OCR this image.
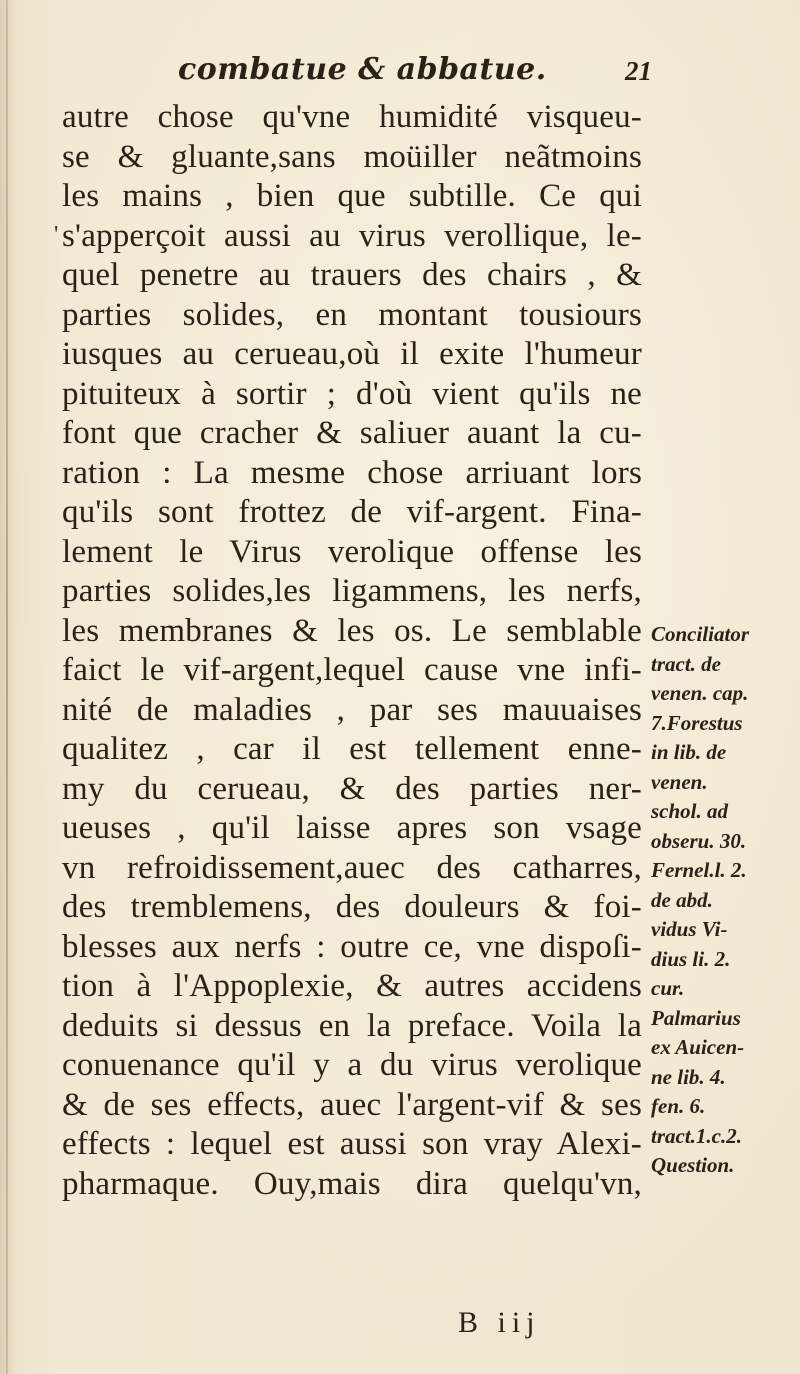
combatue & abbatue.	21
'
autre chose qu'vne humidité visqueu-
se & gluante,sans moüiller neãtmoins
les mains , bien que subtille. Ce qui
s'apperçoit aussi au virus verollique, le-
quel penetre au trauers des chairs , &
parties solides, en montant tousiours
iusques au cerueau,où il exite l'humeur
pituiteux à sortir ; d'où vient qu'ils ne
font que cracher & saliuer auant la cu-
ration : La mesme chose arriuant lors
qu'ils sont frottez de vif-argent. Fina-
lement le Virus verolique offense les
parties solides,les ligammens, les nerfs,
les membranes & les os. Le semblable
faict le vif-argent,lequel cause vne infi-
nité de maladies , par ses mauuaises
qualitez , car il est tellement enne-
my du cerueau, & des parties ner-
ueuses , qu'il laisse apres son vsage
vn refroidissement,auec des catharres,
des tremblemens, des douleurs & foi-
blesses aux nerfs : outre ce, vne dispoſi-
tion à l'Appoplexie, & autres accidens
deduits si dessus en la preface. Voila la
conuenance qu'il y a du virus verolique
& de ses effects, auec l'argent-vif & ses
effects : lequel est aussi son vray Alexi-
pharmaque. Ouy,mais dira quelqu'vn,
Conciliator
tract. de
venen. cap.
7.Forestus
in lib. de
venen.
schol. ad
obseru. 30.
Fernel.l. 2.
de abd.
vidus Vi-
dius li. 2.
cur.
Palmarius
ex Auicen-
ne lib. 4.
fen. 6.
tract.1.c.2.
Question.
B iij
